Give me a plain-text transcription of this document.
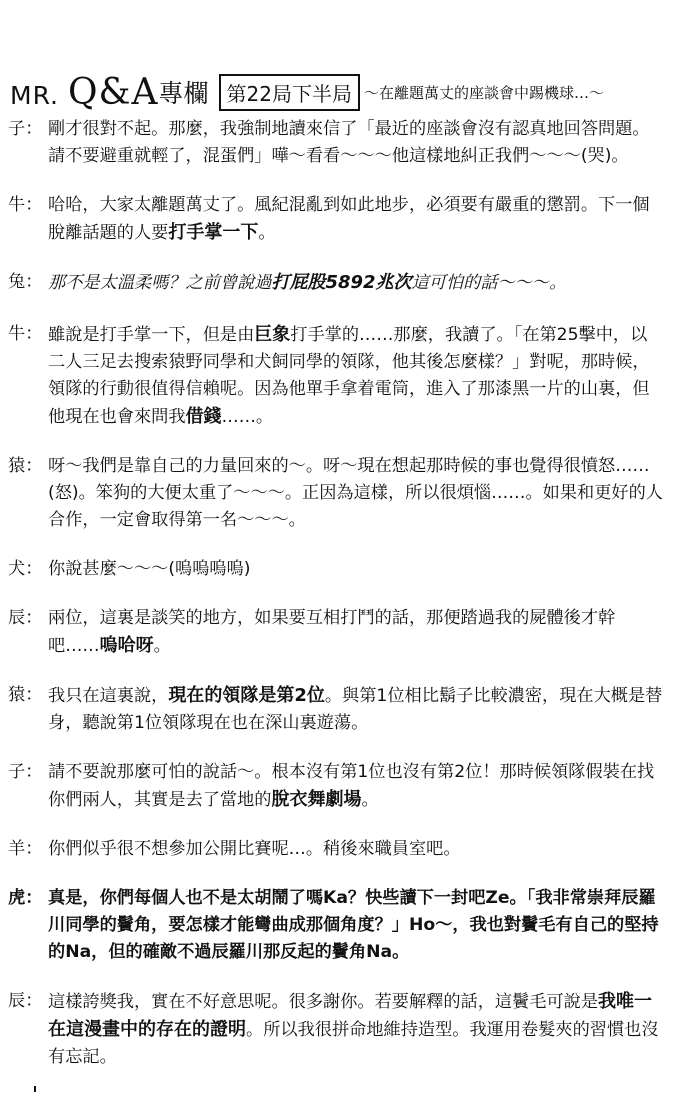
MR. Q&A 專欄 第22局下半局 ～在離題萬丈的座談會中踢機球…～
子： 剛才很對不起。那麼，我強制地讀來信了「最近的座談會沒有認真地回答問題。請不要避重就輕了，混蛋們」嘩～看看～～～他這樣地糾正我們～～～(哭)。
牛： 哈哈，大家太離題萬丈了。風紀混亂到如此地步，必須要有嚴重的懲罰。下一個脫離話題的人要打手掌一下。
兔： 那不是太溫柔嗎？之前曾說過打屁股5892兆次這可怕的話～～～。
牛： 雖說是打手掌一下，但是由巨象打手掌的……那麼，我讀了。「在第25擊中，以二人三足去搜索猿野同學和犬飼同學的領隊，他其後怎麼樣？」對呢，那時候，領隊的行動很值得信賴呢。因為他單手拿着電筒，進入了那漆黑一片的山裏，但他現在也會來問我借錢……。
猿： 呀～我們是靠自己的力量回來的～。呀～現在想起那時候的事也覺得很憤怒……(怒)。笨狗的大便太重了～～～。正因為這樣，所以很煩惱……。如果和更好的人合作，一定會取得第一名～～～。
犬： 你說甚麼～～～(嗚嗚嗚嗚)
辰： 兩位，這裏是談笑的地方，如果要互相打鬥的話，那便踏過我的屍體後才幹吧……嗚哈呀。
猿： 我只在這裏說，現在的領隊是第2位。與第1位相比鬍子比較濃密，現在大概是替身，聽說第1位領隊現在也在深山裏遊蕩。
子： 請不要說那麼可怕的說話～。根本沒有第1位也沒有第2位！那時候領隊假裝在找你們兩人，其實是去了當地的脫衣舞劇場。
羊： 你們似乎很不想參加公開比賽呢…。稍後來職員室吧。
虎： 真是，你們每個人也不是太胡鬧了嗎Ka？快些讀下一封吧Ze。「我非常崇拜辰羅川同學的鬢角，要怎樣才能彎曲成那個角度？」Ho～，我也對鬢毛有自己的堅持的Na，但的確敵不過辰羅川那反起的鬢角Na。
辰： 這樣誇獎我，實在不好意思呢。很多謝你。若要解釋的話，這鬢毛可說是我唯一在這漫畫中的存在的證明。所以我很拼命地維持造型。我運用卷髮夾的習慣也沒有忘記。
